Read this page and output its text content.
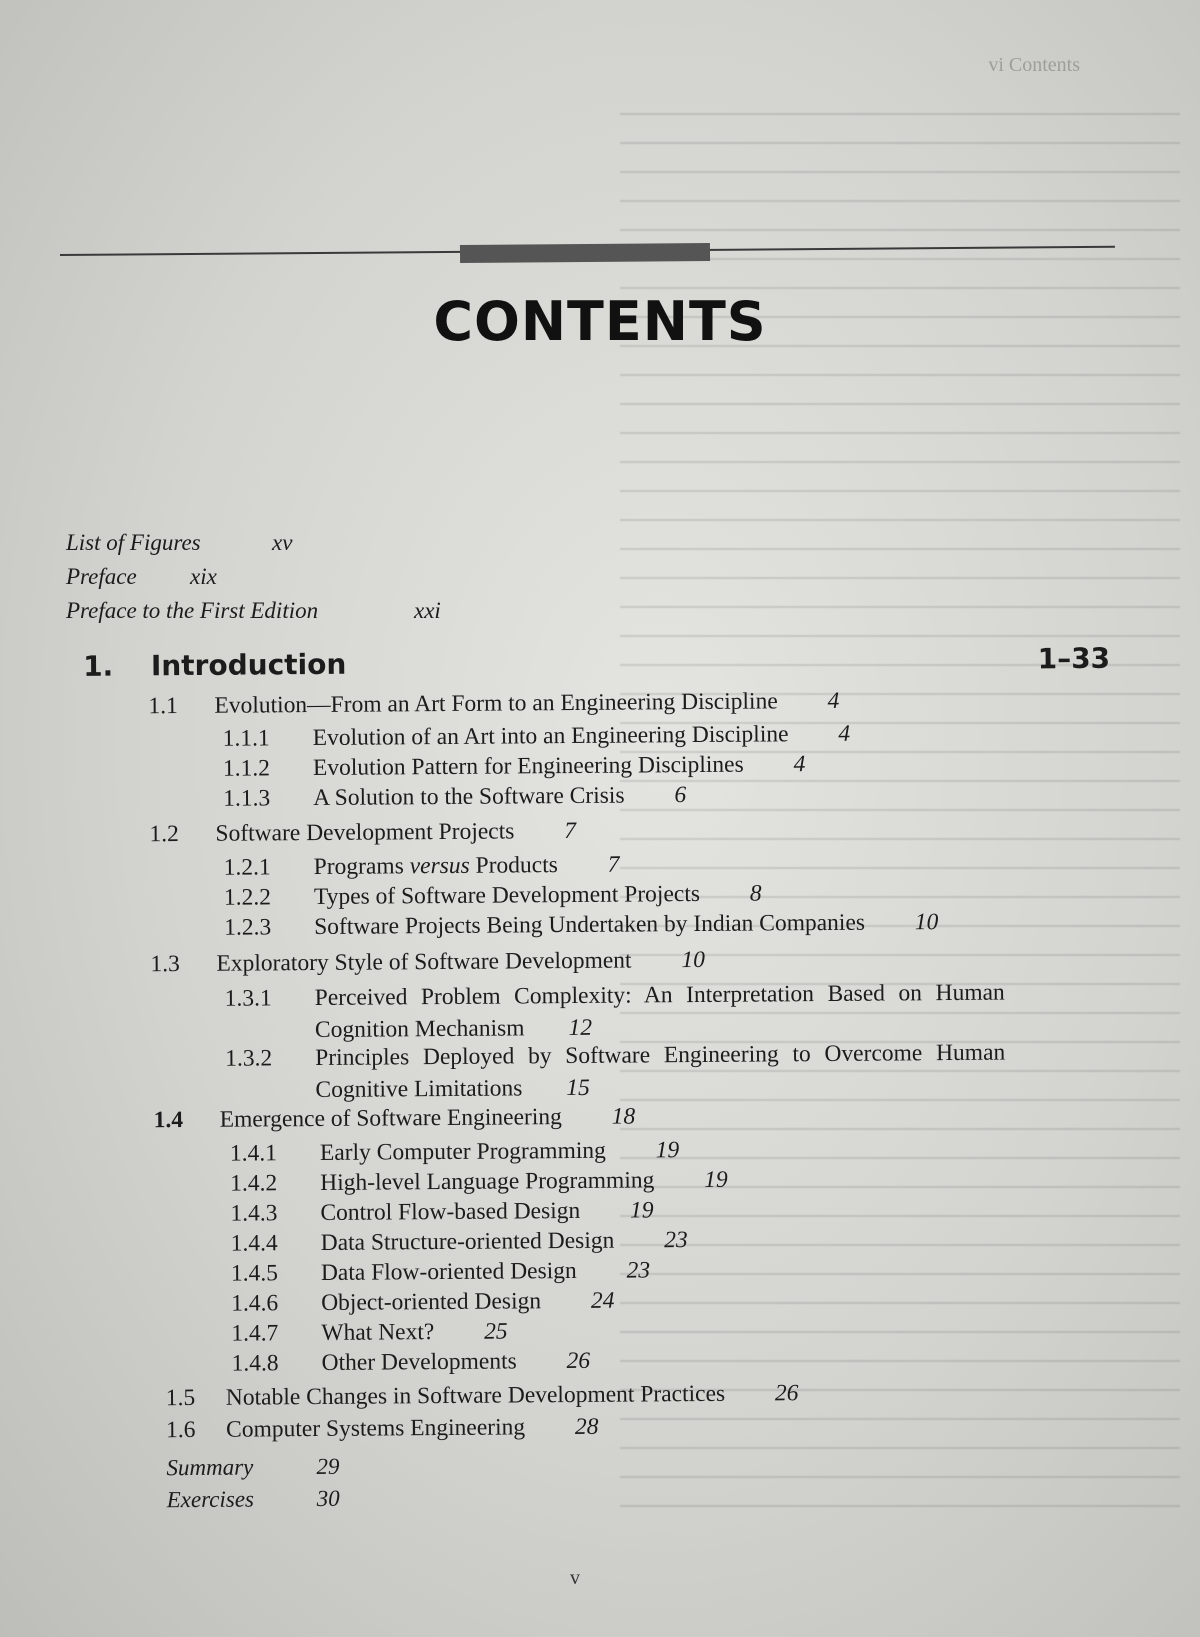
vi Contents
CONTENTS
List of Figures	xv
Preface	xix
Preface to the First Edition	xxi
1. Introduction	1–33
1.1 Evolution—From an Art Form to an Engineering Discipline 4
1.1.1 Evolution of an Art into an Engineering Discipline 4
1.1.2 Evolution Pattern for Engineering Disciplines 4
1.1.3 A Solution to the Software Crisis 6
1.2 Software Development Projects 7
1.2.1 Programs versus Products 7
1.2.2 Types of Software Development Projects 8
1.2.3 Software Projects Being Undertaken by Indian Companies 10
1.3 Exploratory Style of Software Development 10
1.3.1 Perceived Problem Complexity: An Interpretation Based on Human Cognition Mechanism 12
1.3.2 Principles Deployed by Software Engineering to Overcome Human Cognitive Limitations 15
1.4 Emergence of Software Engineering 18
1.4.1 Early Computer Programming 19
1.4.2 High-level Language Programming 19
1.4.3 Control Flow-based Design 19
1.4.4 Data Structure-oriented Design 23
1.4.5 Data Flow-oriented Design 23
1.4.6 Object-oriented Design 24
1.4.7 What Next? 25
1.4.8 Other Developments 26
1.5 Notable Changes in Software Development Practices 26
1.6 Computer Systems Engineering 28
Summary	29
Exercises	30
v
